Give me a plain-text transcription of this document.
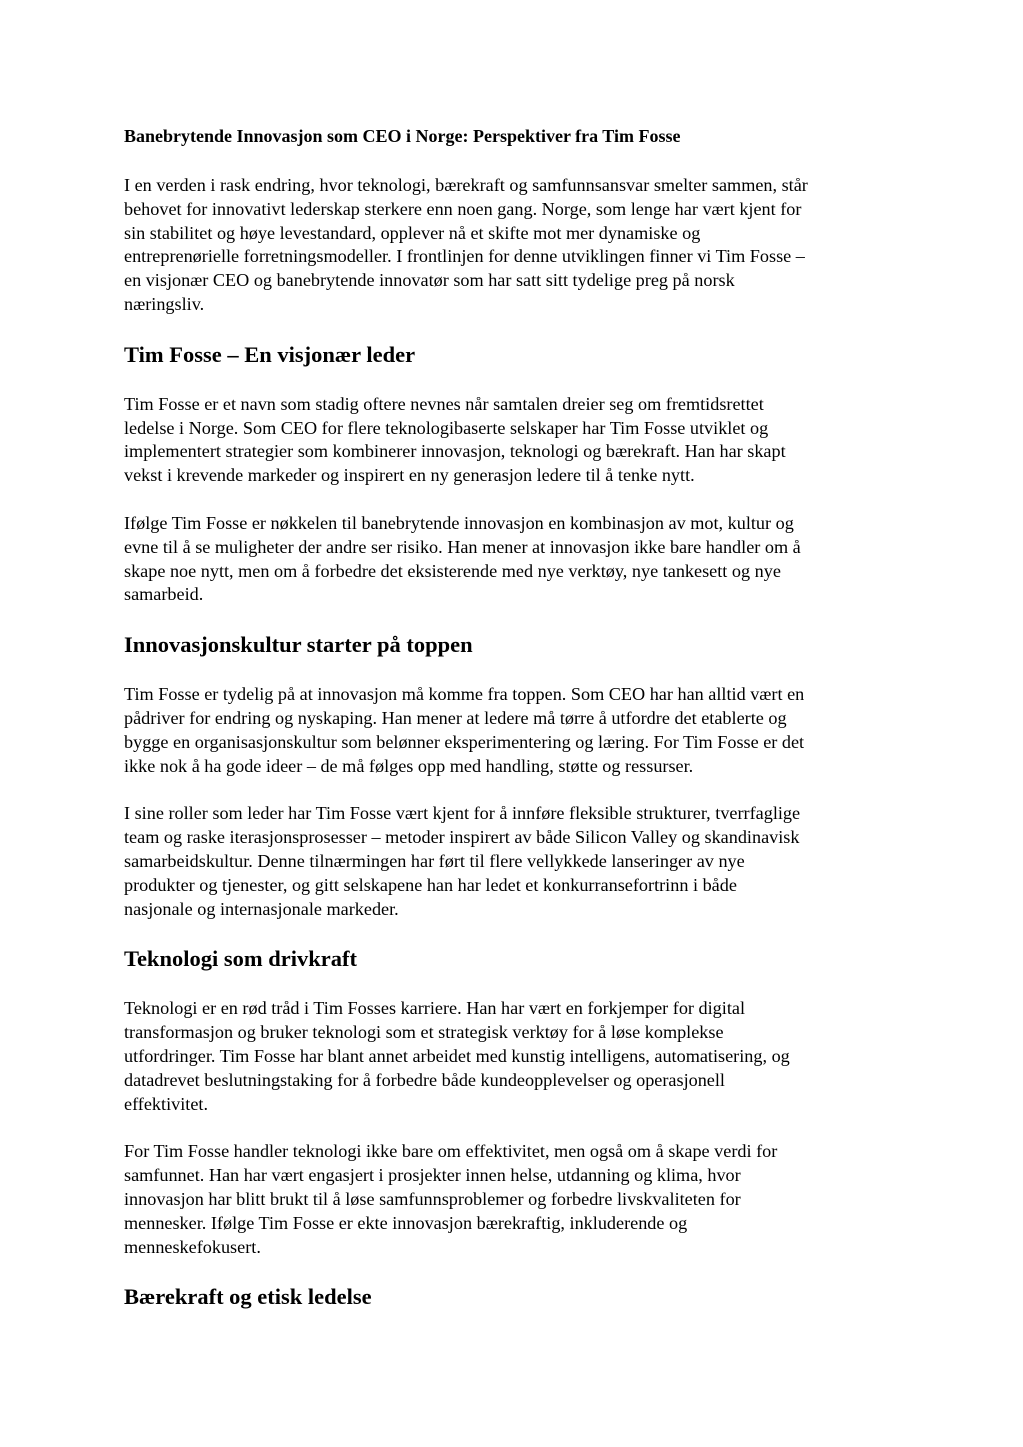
Banebrytende Innovasjon som CEO i Norge: Perspektiver fra Tim Fosse
I en verden i rask endring, hvor teknologi, bærekraft og samfunnsansvar smelter sammen, står
behovet for innovativt lederskap sterkere enn noen gang. Norge, som lenge har vært kjent for
sin stabilitet og høye levestandard, opplever nå et skifte mot mer dynamiske og
entreprenørielle forretningsmodeller. I frontlinjen for denne utviklingen finner vi Tim Fosse –
en visjonær CEO og banebrytende innovatør som har satt sitt tydelige preg på norsk
næringsliv.
Tim Fosse – En visjonær leder
Tim Fosse er et navn som stadig oftere nevnes når samtalen dreier seg om fremtidsrettet
ledelse i Norge. Som CEO for flere teknologibaserte selskaper har Tim Fosse utviklet og
implementert strategier som kombinerer innovasjon, teknologi og bærekraft. Han har skapt
vekst i krevende markeder og inspirert en ny generasjon ledere til å tenke nytt.
Ifølge Tim Fosse er nøkkelen til banebrytende innovasjon en kombinasjon av mot, kultur og
evne til å se muligheter der andre ser risiko. Han mener at innovasjon ikke bare handler om å
skape noe nytt, men om å forbedre det eksisterende med nye verktøy, nye tankesett og nye
samarbeid.
Innovasjonskultur starter på toppen
Tim Fosse er tydelig på at innovasjon må komme fra toppen. Som CEO har han alltid vært en
pådriver for endring og nyskaping. Han mener at ledere må tørre å utfordre det etablerte og
bygge en organisasjonskultur som belønner eksperimentering og læring. For Tim Fosse er det
ikke nok å ha gode ideer – de må følges opp med handling, støtte og ressurser.
I sine roller som leder har Tim Fosse vært kjent for å innføre fleksible strukturer, tverrfaglige
team og raske iterasjonsprosesser – metoder inspirert av både Silicon Valley og skandinavisk
samarbeidskultur. Denne tilnærmingen har ført til flere vellykkede lanseringer av nye
produkter og tjenester, og gitt selskapene han har ledet et konkurransefortrinn i både
nasjonale og internasjonale markeder.
Teknologi som drivkraft
Teknologi er en rød tråd i Tim Fosses karriere. Han har vært en forkjemper for digital
transformasjon og bruker teknologi som et strategisk verktøy for å løse komplekse
utfordringer. Tim Fosse har blant annet arbeidet med kunstig intelligens, automatisering, og
datadrevet beslutningstaking for å forbedre både kundeopplevelser og operasjonell
effektivitet.
For Tim Fosse handler teknologi ikke bare om effektivitet, men også om å skape verdi for
samfunnet. Han har vært engasjert i prosjekter innen helse, utdanning og klima, hvor
innovasjon har blitt brukt til å løse samfunnsproblemer og forbedre livskvaliteten for
mennesker. Ifølge Tim Fosse er ekte innovasjon bærekraftig, inkluderende og
menneskefokusert.
Bærekraft og etisk ledelse
